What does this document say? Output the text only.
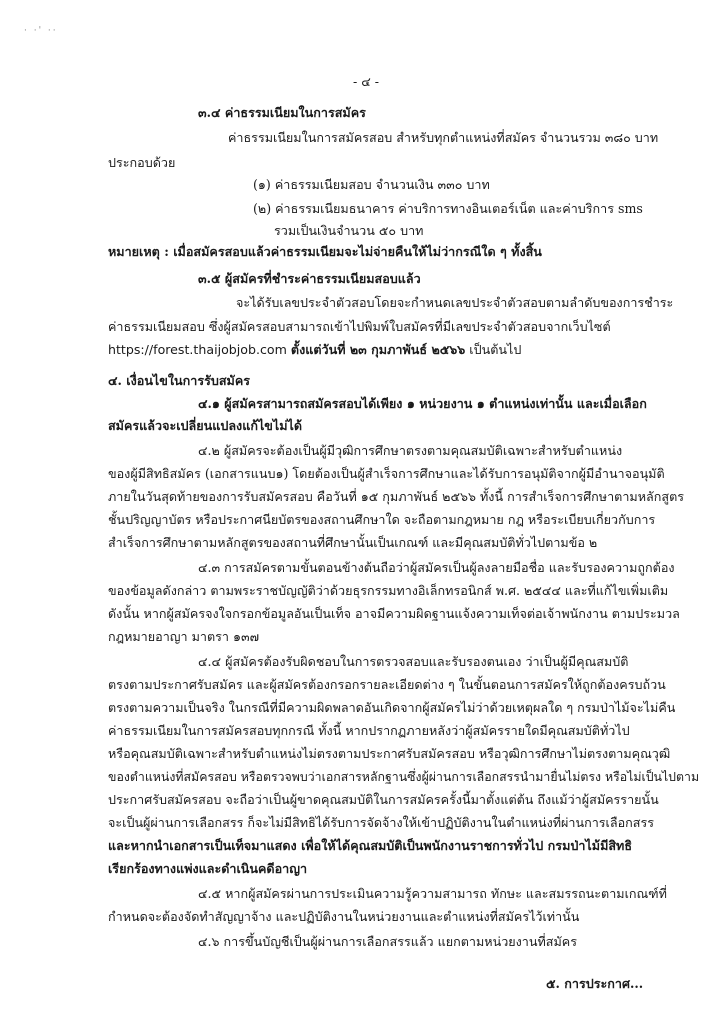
· ·' ··
- ๔ -
๓.๔ ค่าธรรมเนียมในการสมัคร
ค่าธรรมเนียมในการสมัครสอบ สำหรับทุกตำแหน่งที่สมัคร จำนวนรวม ๓๘๐ บาท
ประกอบด้วย
(๑) ค่าธรรมเนียมสอบ จำนวนเงิน ๓๓๐ บาท
(๒) ค่าธรรมเนียมธนาคาร ค่าบริการทางอินเตอร์เน็ต และค่าบริการ sms
รวมเป็นเงินจำนวน ๕๐ บาท
หมายเหตุ : เมื่อสมัครสอบแล้วค่าธรรมเนียมจะไม่จ่ายคืนให้ไม่ว่ากรณีใด ๆ ทั้งสิ้น
๓.๕ ผู้สมัครที่ชำระค่าธรรมเนียมสอบแล้ว
จะได้รับเลขประจำตัวสอบโดยจะกำหนดเลขประจำตัวสอบตามลำดับของการชำระ
ค่าธรรมเนียมสอบ ซึ่งผู้สมัครสอบสามารถเข้าไปพิมพ์ใบสมัครที่มีเลขประจำตัวสอบจากเว็บไซต์
https://forest.thaijobjob.com ตั้งแต่วันที่ ๒๓ กุมภาพันธ์ ๒๕๖๖ เป็นต้นไป
๔. เงื่อนไขในการรับสมัคร
๔.๑ ผู้สมัครสามารถสมัครสอบได้เพียง ๑ หน่วยงาน ๑ ตำแหน่งเท่านั้น และเมื่อเลือก
สมัครแล้วจะเปลี่ยนแปลงแก้ไขไม่ได้
๔.๒ ผู้สมัครจะต้องเป็นผู้มีวุฒิการศึกษาตรงตามคุณสมบัติเฉพาะสำหรับตำแหน่ง
ของผู้มีสิทธิสมัคร (เอกสารแนบ๑) โดยต้องเป็นผู้สำเร็จการศึกษาและได้รับการอนุมัติจากผู้มีอำนาจอนุมัติ
ภายในวันสุดท้ายของการรับสมัครสอบ คือวันที่ ๑๕ กุมภาพันธ์ ๒๕๖๖ ทั้งนี้ การสำเร็จการศึกษาตามหลักสูตร
ชั้นปริญญาบัตร หรือประกาศนียบัตรของสถานศึกษาใด จะถือตามกฎหมาย กฎ หรือระเบียบเกี่ยวกับการ
สำเร็จการศึกษาตามหลักสูตรของสถานที่ศึกษานั้นเป็นเกณฑ์ และมีคุณสมบัติทั่วไปตามข้อ ๒
๔.๓ การสมัครตามขั้นตอนข้างต้นถือว่าผู้สมัครเป็นผู้ลงลายมือชื่อ และรับรองความถูกต้อง
ของข้อมูลดังกล่าว ตามพระราชบัญญัติว่าด้วยธุรกรรมทางอิเล็กทรอนิกส์ พ.ศ. ๒๕๔๔ และที่แก้ไขเพิ่มเติม
ดังนั้น หากผู้สมัครจงใจกรอกข้อมูลอันเป็นเท็จ อาจมีความผิดฐานแจ้งความเท็จต่อเจ้าพนักงาน ตามประมวล
กฎหมายอาญา มาตรา ๑๓๗
๔.๔ ผู้สมัครต้องรับผิดชอบในการตรวจสอบและรับรองตนเอง ว่าเป็นผู้มีคุณสมบัติ
ตรงตามประกาศรับสมัคร และผู้สมัครต้องกรอกรายละเอียดต่าง ๆ ในขั้นตอนการสมัครให้ถูกต้องครบถ้วน
ตรงตามความเป็นจริง ในกรณีที่มีความผิดพลาดอันเกิดจากผู้สมัครไม่ว่าด้วยเหตุผลใด ๆ กรมป่าไม้จะไม่คืน
ค่าธรรมเนียมในการสมัครสอบทุกกรณี ทั้งนี้ หากปรากฏภายหลังว่าผู้สมัครรายใดมีคุณสมบัติทั่วไป
หรือคุณสมบัติเฉพาะสำหรับตำแหน่งไม่ตรงตามประกาศรับสมัครสอบ หรือวุฒิการศึกษาไม่ตรงตามคุณวุฒิ
ของตำแหน่งที่สมัครสอบ หรือตรวจพบว่าเอกสารหลักฐานซึ่งผู้ผ่านการเลือกสรรนำมายื่นไม่ตรง หรือไม่เป็นไปตาม
ประกาศรับสมัครสอบ จะถือว่าเป็นผู้ขาดคุณสมบัติในการสมัครครั้งนี้มาตั้งแต่ต้น ถึงแม้ว่าผู้สมัครรายนั้น
จะเป็นผู้ผ่านการเลือกสรร ก็จะไม่มีสิทธิได้รับการจัดจ้างให้เข้าปฏิบัติงานในตำแหน่งที่ผ่านการเลือกสรร
และหากนำเอกสารเป็นเท็จมาแสดง เพื่อให้ได้คุณสมบัติเป็นพนักงานราชการทั่วไป กรมป่าไม้มีสิทธิ
เรียกร้องทางแพ่งและดำเนินคดีอาญา
๔.๕ หากผู้สมัครผ่านการประเมินความรู้ความสามารถ ทักษะ และสมรรถนะตามเกณฑ์ที่
กำหนดจะต้องจัดทำสัญญาจ้าง และปฏิบัติงานในหน่วยงานและตำแหน่งที่สมัครไว้เท่านั้น
๔.๖ การขึ้นบัญชีเป็นผู้ผ่านการเลือกสรรแล้ว แยกตามหน่วยงานที่สมัคร
๕. การประกาศ...
